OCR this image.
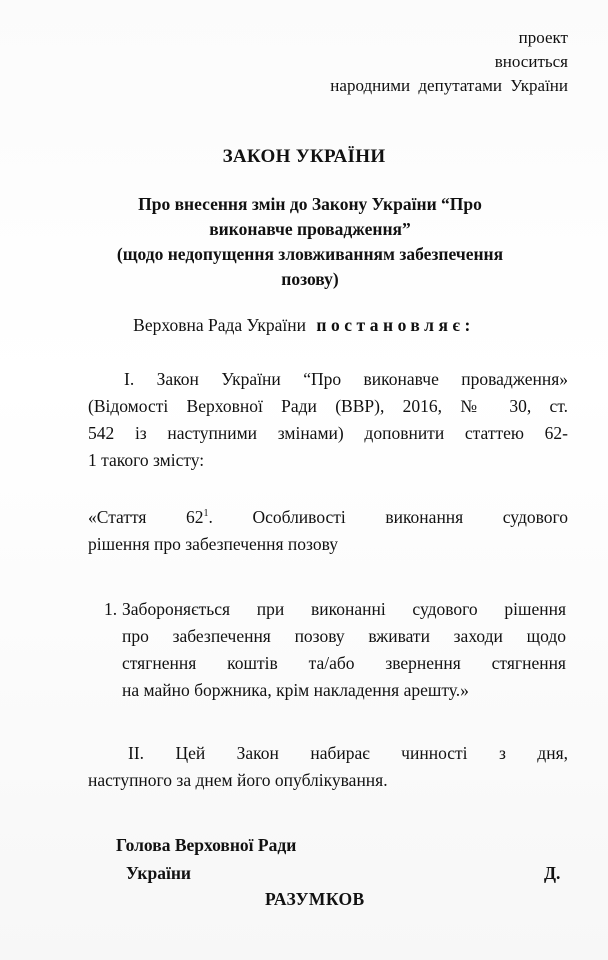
проект
вноситься
народними депутатами України
ЗАКОН УКРАЇНИ
Про внесення змін до Закону України “Про
виконавче провадження”
(щодо недопущення зловживанням забезпечення
позову)
Верховна Рада України постановляє:
І. Закон України “Про виконавче провадження»
(Відомості Верховної Ради (ВВР), 2016, № 30, ст.
542 із наступними змінами) доповнити статтею 62-
1 такого змісту:
«Стаття $62^1$. Особливості виконання судового
рішення про забезпечення позову
1. Забороняється при виконанні судового рішення
про забезпечення позову вживати заходи щодо
стягнення коштів та/або звернення стягнення
на майно боржника, крім накладення арешту.»
ІІ. Цей Закон набирає чинності з дня,
наступного за днем його опублікування.
Голова Верховної Ради
України	Д.
РАЗУМКОВ
